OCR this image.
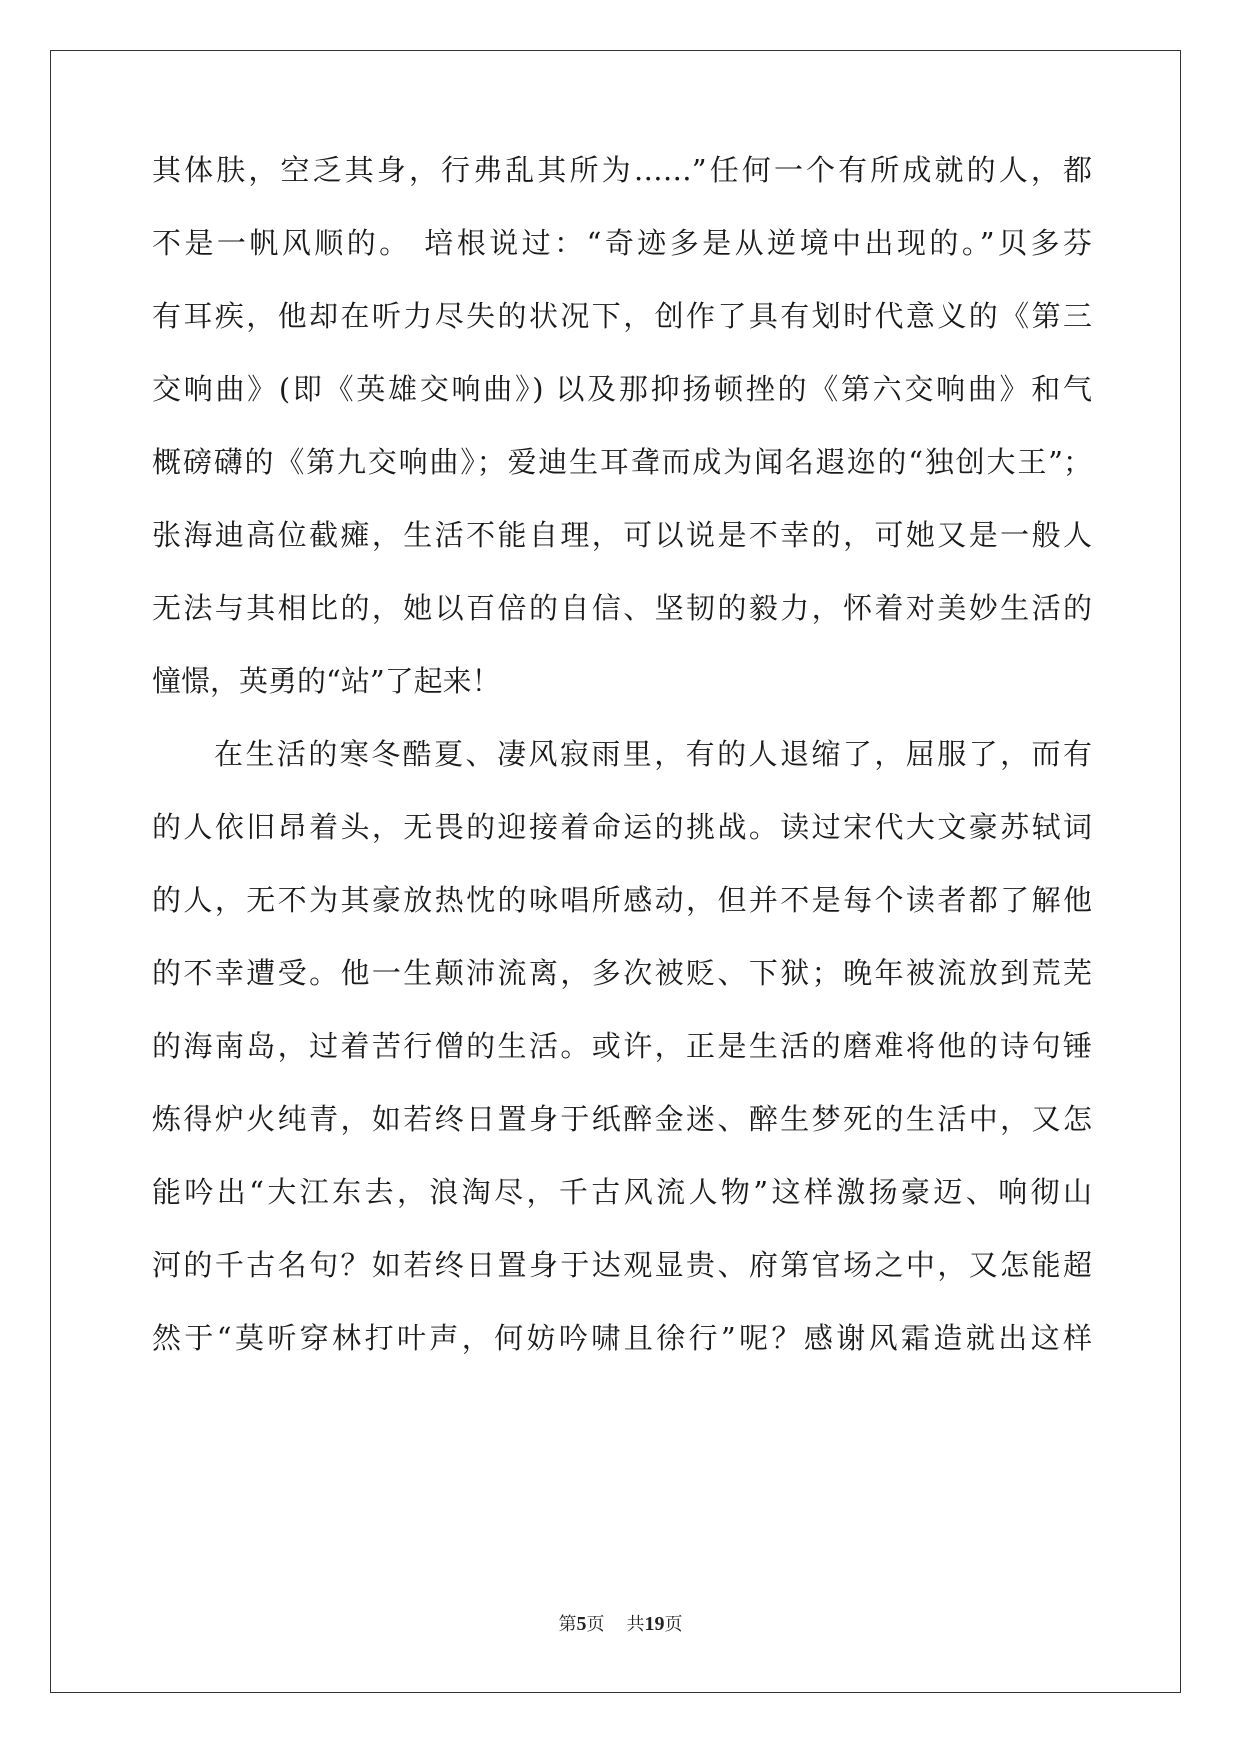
其体肤，空乏其身，行弗乱其所为……”任何一个有所成就的人，都
不是一帆风顺的。 培根说过：“奇迹多是从逆境中出现的。”贝多芬
有耳疾，他却在听力尽失的状况下，创作了具有划时代意义的《第三
交响曲》(即《英雄交响曲》) 以及那抑扬顿挫的《第六交响曲》和气
概磅礴的《第九交响曲》；爱迪生耳聋而成为闻名遐迩的“独创大王”；
张海迪高位截瘫，生活不能自理，可以说是不幸的，可她又是一般人
无法与其相比的，她以百倍的自信、坚韧的毅力，怀着对美妙生活的
憧憬，英勇的“站”了起来！
在生活的寒冬酷夏、凄风寂雨里，有的人退缩了，屈服了，而有
的人依旧昂着头，无畏的迎接着命运的挑战。读过宋代大文豪苏轼词
的人，无不为其豪放热忱的咏唱所感动，但并不是每个读者都了解他
的不幸遭受。他一生颠沛流离，多次被贬、下狱；晚年被流放到荒芜
的海南岛，过着苦行僧的生活。或许，正是生活的磨难将他的诗句锤
炼得炉火纯青，如若终日置身于纸醉金迷、醉生梦死的生活中，又怎
能吟出“大江东去，浪淘尽，千古风流人物”这样激扬豪迈、响彻山
河的千古名句？如若终日置身于达观显贵、府第官场之中，又怎能超
然于“莫听穿林打叶声，何妨吟啸且徐行”呢？感谢风霜造就出这样
第5页 共19页
